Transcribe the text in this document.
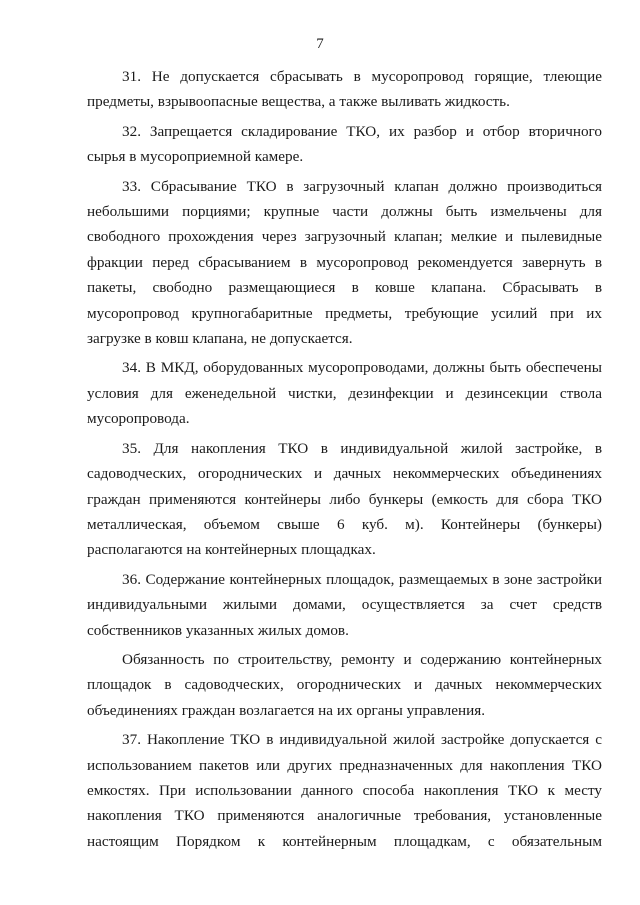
7

31. Не допускается сбрасывать в мусоропровод горящие, тлеющие предметы, взрывоопасные вещества, а также выливать жидкость.

32. Запрещается складирование ТКО, их разбор и отбор вторичного сырья в мусороприемной камере.

33. Сбрасывание ТКО в загрузочный клапан должно производиться небольшими порциями; крупные части должны быть измельчены для свободного прохождения через загрузочный клапан; мелкие и пылевидные фракции перед сбрасыванием в мусоропровод рекомендуется завернуть в пакеты, свободно размещающиеся в ковше клапана. Сбрасывать в мусоропровод крупногабаритные предметы, требующие усилий при их загрузке в ковш клапана, не допускается.

34. В МКД, оборудованных мусоропроводами, должны быть обеспечены условия для еженедельной чистки, дезинфекции и дезинсекции ствола мусоропровода.

35. Для накопления ТКО в индивидуальной жилой застройке, в садоводческих, огороднических и дачных некоммерческих объединениях граждан применяются контейнеры либо бункеры (емкость для сбора ТКО металлическая, объемом свыше 6 куб. м). Контейнеры (бункеры) располагаются на контейнерных площадках.

36. Содержание контейнерных площадок, размещаемых в зоне застройки индивидуальными жилыми домами, осуществляется за счет средств собственников указанных жилых домов.

Обязанность по строительству, ремонту и содержанию контейнерных площадок в садоводческих, огороднических и дачных некоммерческих объединениях граждан возлагается на их органы управления.

37. Накопление ТКО в индивидуальной жилой застройке допускается с использованием пакетов или других предназначенных для накопления ТКО емкостях. При использовании данного способа накопления ТКО к месту накопления ТКО применяются аналогичные требования, установленные настоящим Порядком к контейнерным площадкам, с обязательным
